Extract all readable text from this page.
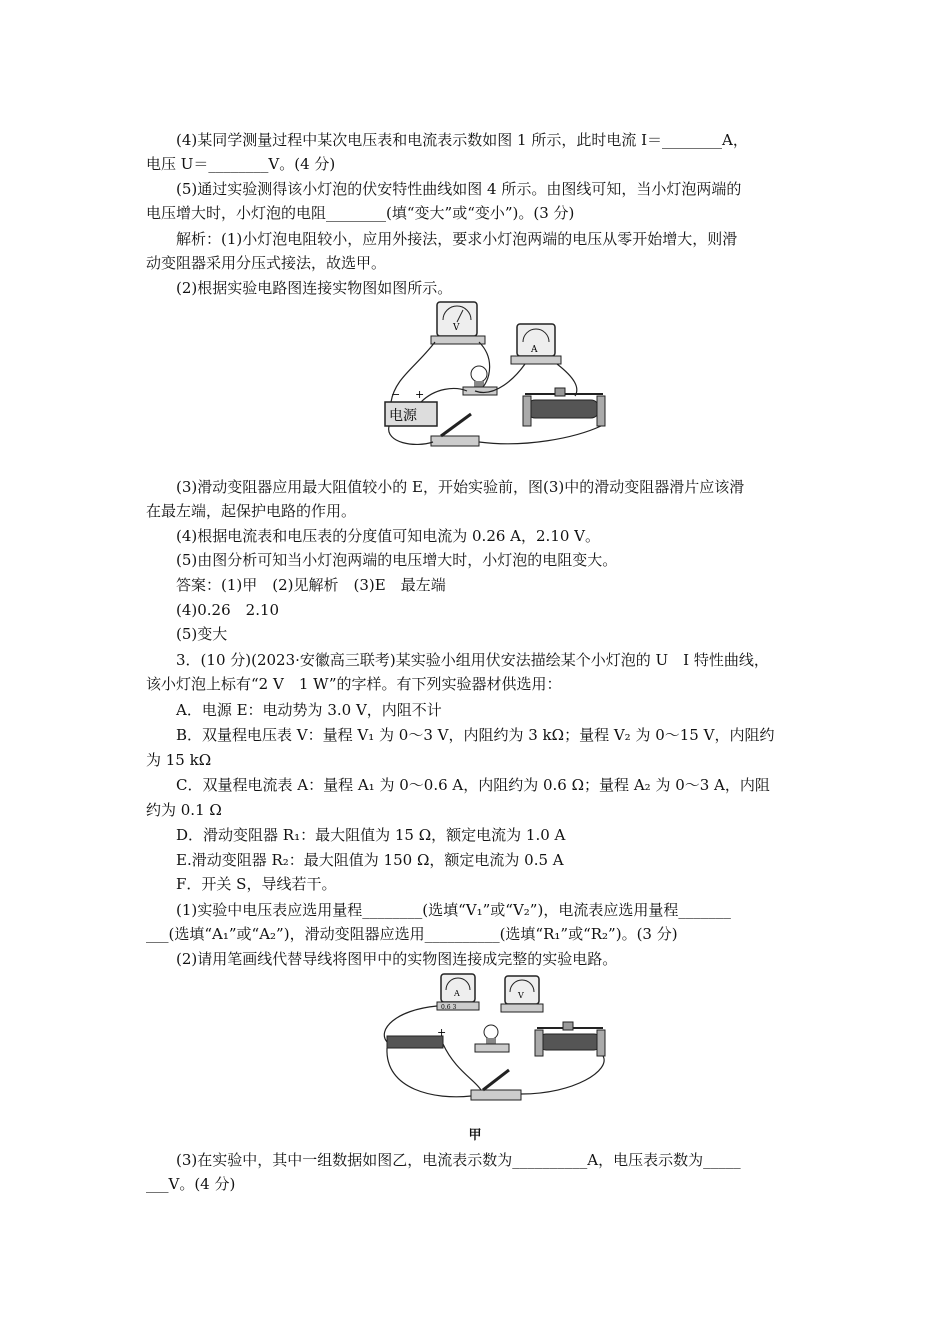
(4)某同学测量过程中某次电压表和电流表示数如图 1 所示，此时电流 I＝________A，
电压 U＝________V。(4 分)
(5)通过实验测得该小灯泡的伏安特性曲线如图 4 所示。由图线可知，当小灯泡两端的
电压增大时，小灯泡的电阻________(填“变大”或“变小”)。(3 分)
解析：(1)小灯泡电阻较小，应用外接法，要求小灯泡两端的电压从零开始增大，则滑
动变阻器采用分压式接法，故选甲。
(2)根据实验电路图连接实物图如图所示。
V
A
电源
− +
(3)滑动变阻器应用最大阻值较小的 E，开始实验前，图(3)中的滑动变阻器滑片应该滑
在最左端，起保护电路的作用。
(4)根据电流表和电压表的分度值可知电流为 0.26 A，2.10 V。
(5)由图分析可知当小灯泡两端的电压增大时，小灯泡的电阻变大。
答案：(1)甲　(2)见解析　(3)E　最左端
(4)0.26　2.10
(5)变大
3．(10 分)(2023·安徽高三联考)某实验小组用伏安法描绘某个小灯泡的 U　I 特性曲线，
该小灯泡上标有“2 V　1 W”的字样。有下列实验器材供选用：
A．电源 E：电动势为 3.0 V，内阻不计
B．双量程电压表 V：量程 V₁ 为 0～3 V，内阻约为 3 kΩ；量程 V₂ 为 0～15 V，内阻约
为 15 kΩ
C．双量程电流表 A：量程 A₁ 为 0～0.6 A，内阻约为 0.6 Ω；量程 A₂ 为 0～3 A，内阻
约为 0.1 Ω
D．滑动变阻器 R₁：最大阻值为 15 Ω，额定电流为 1.0 A
E.滑动变阻器 R₂：最大阻值为 150 Ω，额定电流为 0.5 A
F．开关 S，导线若干。
(1)实验中电压表应选用量程________(选填“V₁”或“V₂”)，电流表应选用量程_______
___(选填“A₁”或“A₂”)，滑动变阻器应选用__________(选填“R₁”或“R₂”)。(3 分)
(2)请用笔画线代替导线将图甲中的实物图连接成完整的实验电路。
A
0.6 3
V
+
甲
(3)在实验中，其中一组数据如图乙，电流表示数为__________A，电压表示数为_____
___V。(4 分)
